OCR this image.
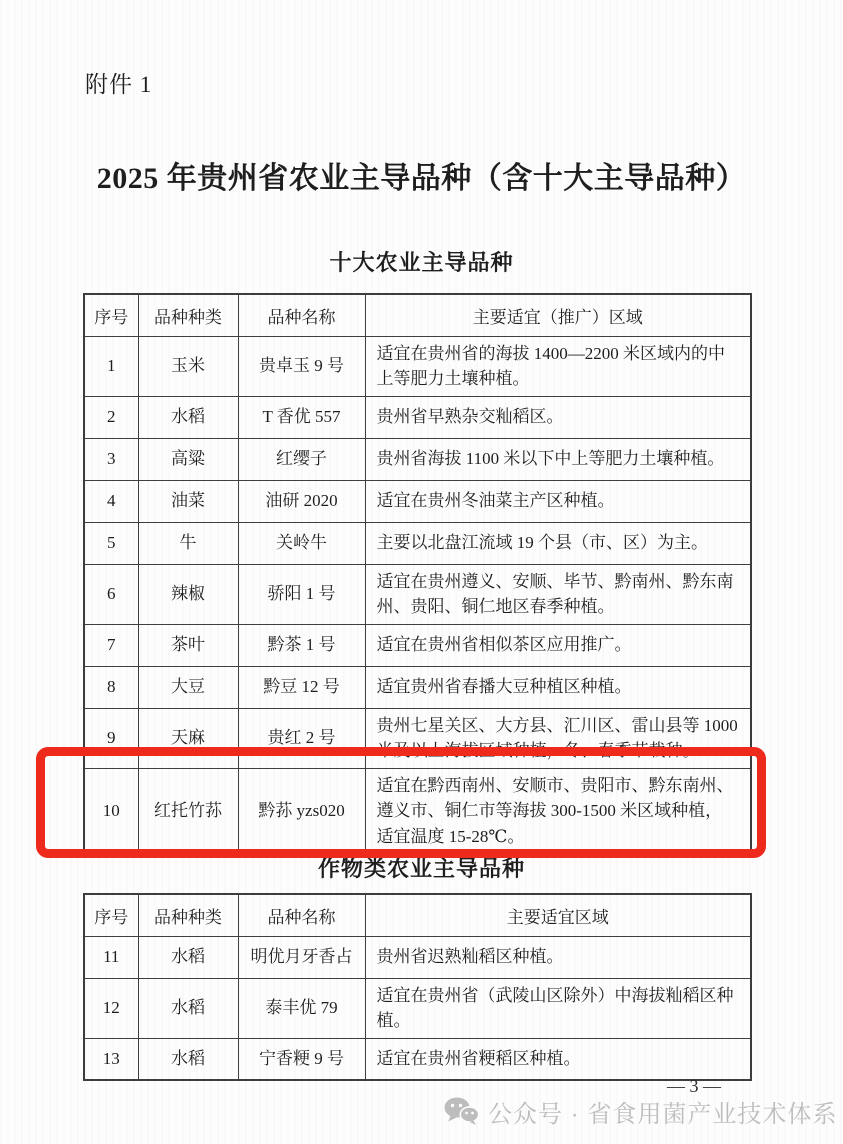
附件 1
2025 年贵州省农业主导品种（含十大主导品种）
十大农业主导品种
序号	品种种类	品种名称	主要适宜（推广）区域
1	玉米	贵卓玉 9 号	适宜在贵州省的海拔 1400—2200 米区域内的中上等肥力土壤种植。
2	水稻	T 香优 557	贵州省早熟杂交籼稻区。
3	高粱	红缨子	贵州省海拔 1100 米以下中上等肥力土壤种植。
4	油菜	油研 2020	适宜在贵州冬油菜主产区种植。
5	牛	关岭牛	主要以北盘江流域 19 个县（市、区）为主。
6	辣椒	骄阳 1 号	适宜在贵州遵义、安顺、毕节、黔南州、黔东南州、贵阳、铜仁地区春季种植。
7	茶叶	黔茶 1 号	适宜在贵州省相似茶区应用推广。
8	大豆	黔豆 12 号	适宜贵州省春播大豆种植区种植。
9	天麻	贵红 2 号	贵州七星关区、大方县、汇川区、雷山县等 1000 米及以上海拔区域种植，冬、春季节栽种。
10	红托竹荪	黔荪 yzs020	适宜在黔西南州、安顺市、贵阳市、黔东南州、遵义市、铜仁市等海拔 300-1500 米区域种植，适宜温度 15-28℃。
作物类农业主导品种
序号	品种种类	品种名称	主要适宜区域
11	水稻	明优月牙香占	贵州省迟熟籼稻区种植。
12	水稻	泰丰优 79	适宜在贵州省（武陵山区除外）中海拔籼稻区种植。
13	水稻	宁香粳 9 号	适宜在贵州省粳稻区种植。
公众号 · 省食用菌产业技术体系
— 3 —
